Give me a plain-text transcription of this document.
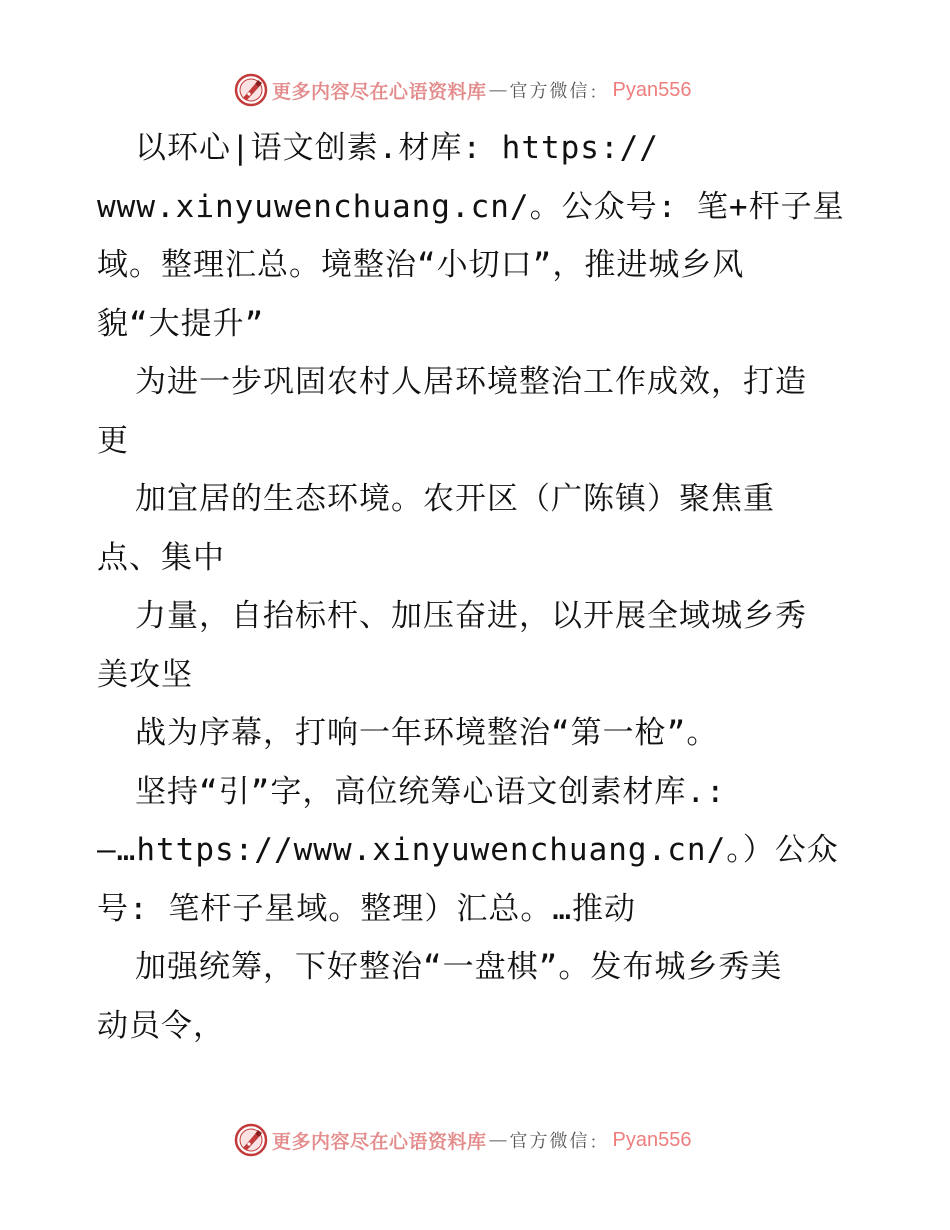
更多内容尽在心语资料库 — 官方微信 ： Pyan556
以环心|语文创素.材库: https://
www.xinyuwenchuang.cn/。公众号: 笔+杆子星
域。整理汇总。境整治“小切口”，推进城乡风
貌“大提升”
为进一步巩固农村人居环境整治工作成效，打造
更
加宜居的生态环境。农开区（广陈镇）聚焦重
点、集中
力量，自抬标杆、加压奋进，以开展全域城乡秀
美攻坚
战为序幕，打响一年环境整治“第一枪”。
坚持“引”字，高位统筹心语文创素材库.:
—…https://www.xinyuwenchuang.cn/。）公众
号: 笔杆子星域。整理）汇总。…推动
加强统筹，下好整治“一盘棋”。发布城乡秀美
动员令，
更多内容尽在心语资料库 — 官方微信 ： Pyan556
